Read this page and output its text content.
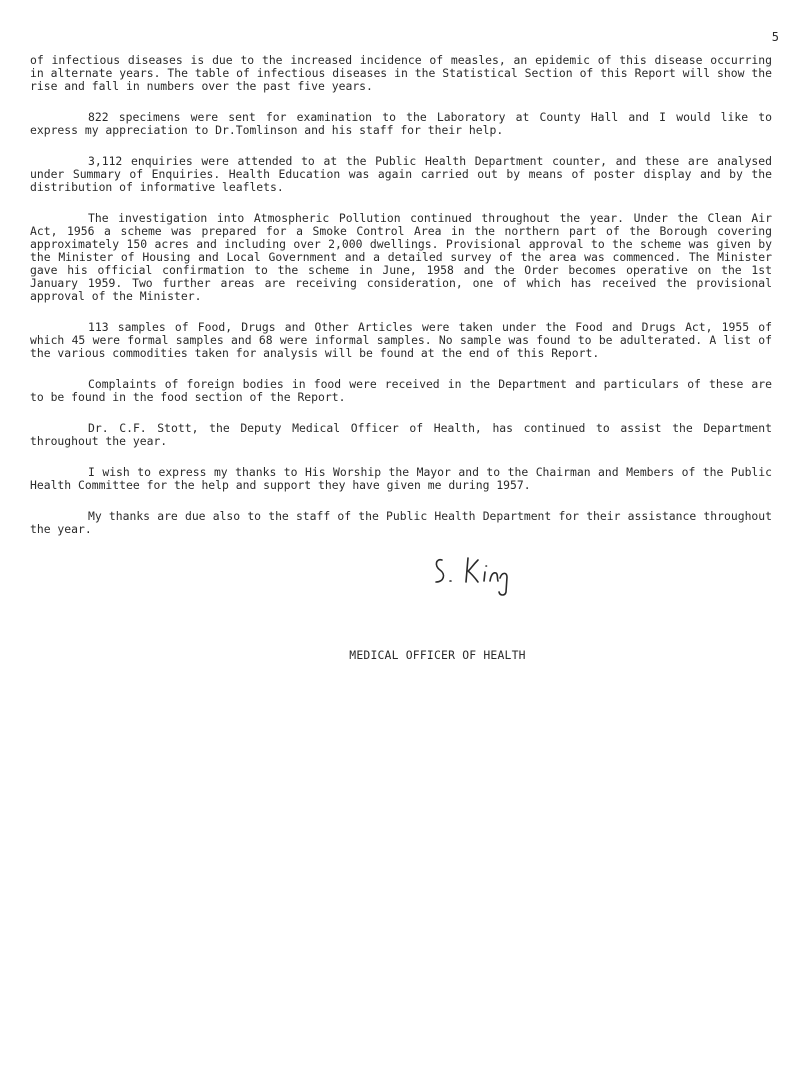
5

of infectious diseases is due to the increased incidence of measles, an epidemic of this disease occurring in alternate years. The table of infectious diseases in the Statistical Section of this Report will show the rise and fall in numbers over the past five years.

822 specimens were sent for examination to the Laboratory at County Hall and I would like to express my appreciation to Dr.Tomlinson and his staff for their help.

3,112 enquiries were attended to at the Public Health Department counter, and these are analysed under Summary of Enquiries. Health Education was again carried out by means of poster display and by the distribution of informative leaflets.

The investigation into Atmospheric Pollution continued throughout the year. Under the Clean Air Act, 1956 a scheme was prepared for a Smoke Control Area in the northern part of the Borough covering approximately 150 acres and including over 2,000 dwellings. Provisional approval to the scheme was given by the Minister of Housing and Local Government and a detailed survey of the area was commenced. The Minister gave his official confirmation to the scheme in June, 1958 and the Order becomes operative on the 1st January 1959. Two further areas are receiving consideration, one of which has received the provisional approval of the Minister.

113 samples of Food, Drugs and Other Articles were taken under the Food and Drugs Act, 1955 of which 45 were formal samples and 68 were informal samples. No sample was found to be adulterated. A list of the various commodities taken for analysis will be found at the end of this Report.

Complaints of foreign bodies in food were received in the Department and particulars of these are to be found in the food section of the Report.

Dr. C.F. Stott, the Deputy Medical Officer of Health, has continued to assist the Department throughout the year.

I wish to express my thanks to His Worship the Mayor and to the Chairman and Members of the Public Health Committee for the help and support they have given me during 1957.

My thanks are due also to the staff of the Public Health Department for their assistance throughout the year.

MEDICAL OFFICER OF HEALTH
